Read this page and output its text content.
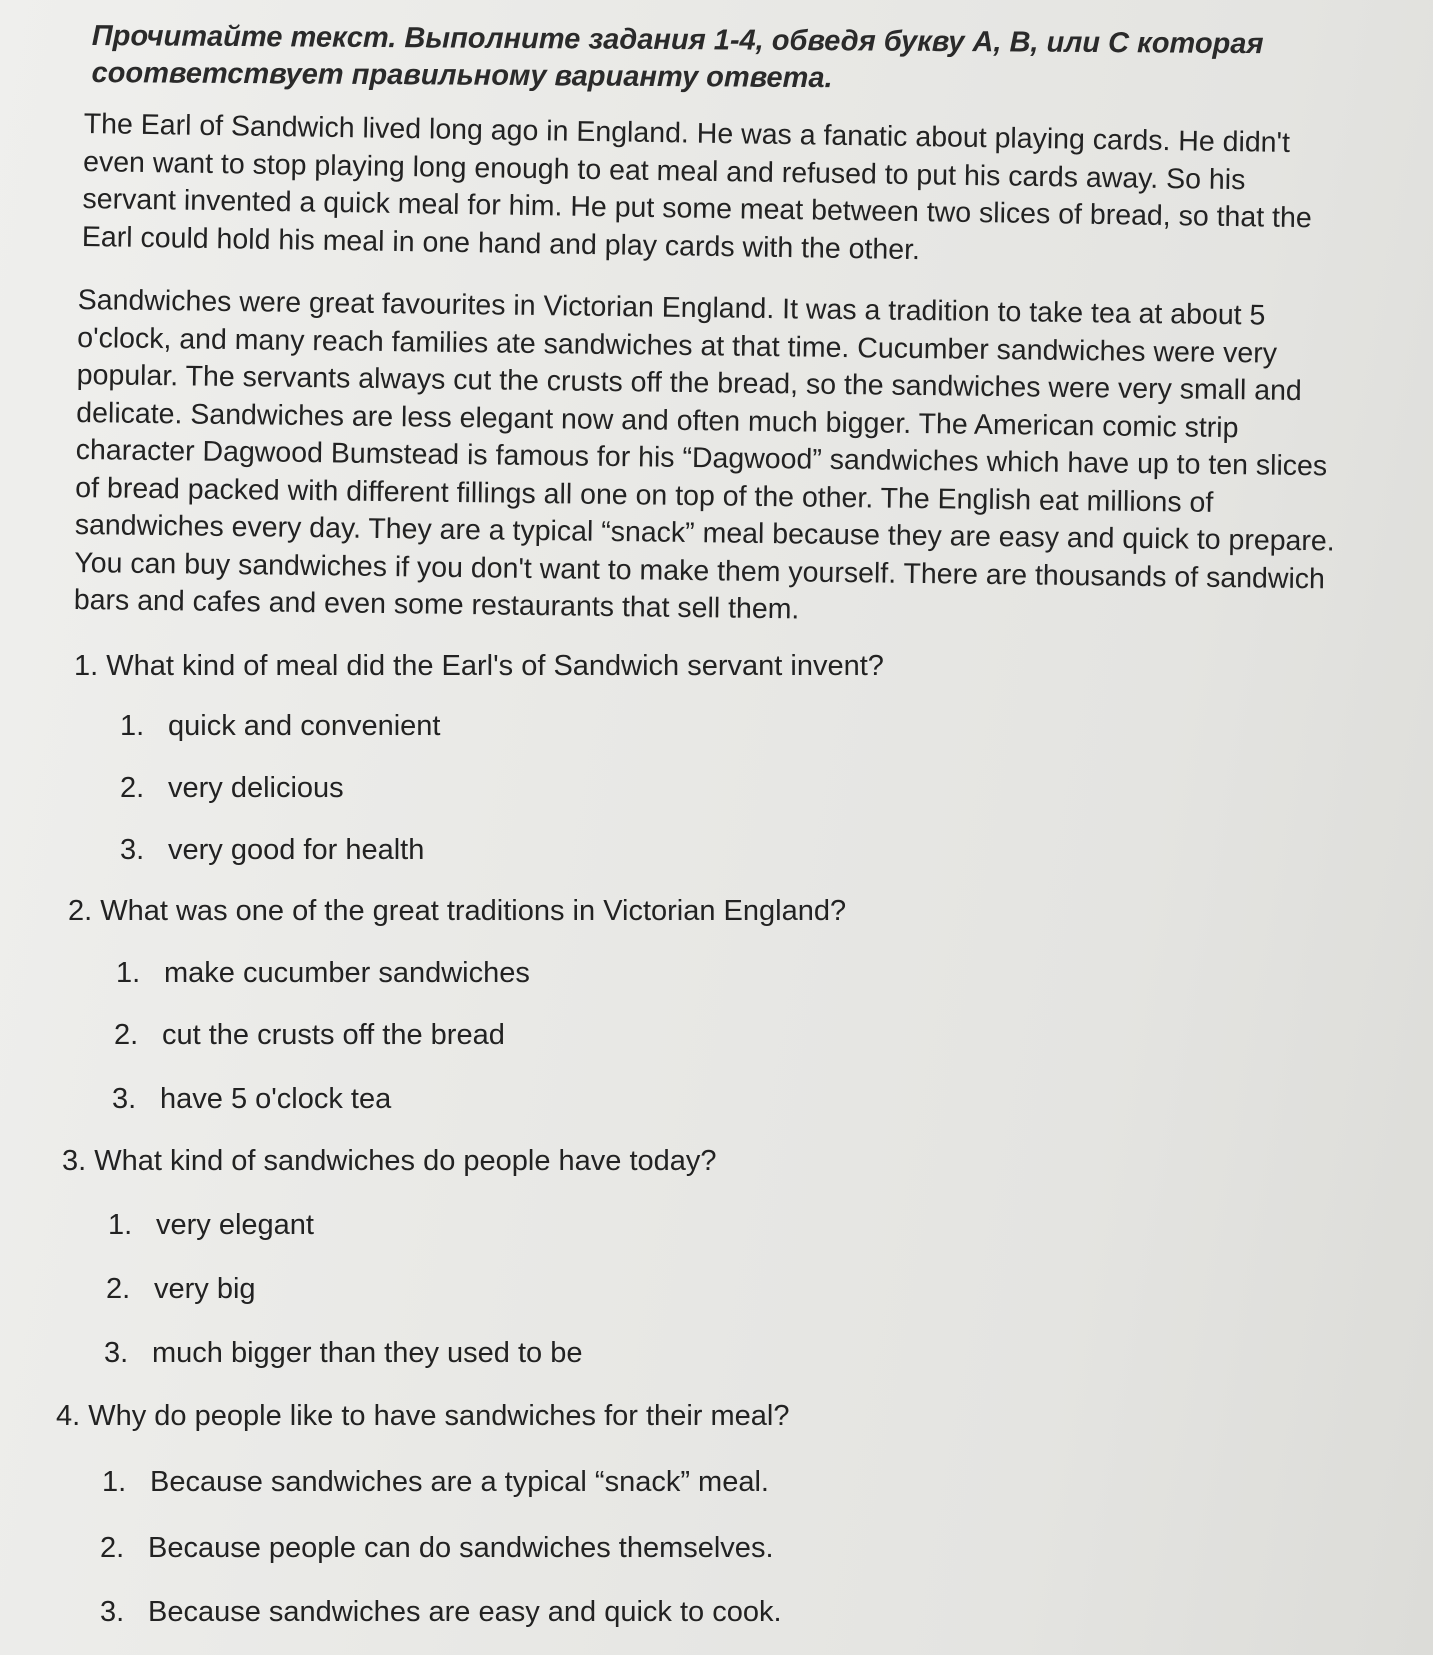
Прочитайте текст. Выполните задания 1-4, обведя букву А, В, или С которая соответствует правильному варианту ответа.

The Earl of Sandwich lived long ago in England. He was a fanatic about playing cards. He didn't even want to stop playing long enough to eat meal and refused to put his cards away. So his servant invented a quick meal for him. He put some meat between two slices of bread, so that the Earl could hold his meal in one hand and play cards with the other.

Sandwiches were great favourites in Victorian England. It was a tradition to take tea at about 5 o'clock, and many reach families ate sandwiches at that time. Cucumber sandwiches were very popular. The servants always cut the crusts off the bread, so the sandwiches were very small and delicate. Sandwiches are less elegant now and often much bigger. The American comic strip character Dagwood Bumstead is famous for his “Dagwood” sandwiches which have up to ten slices of bread packed with different fillings all one on top of the other. The English eat millions of sandwiches every day. They are a typical “snack” meal because they are easy and quick to prepare. You can buy sandwiches if you don't want to make them yourself. There are thousands of sandwich bars and cafes and even some restaurants that sell them.

1. What kind of meal did the Earl's of Sandwich servant invent?

1. quick and convenient

2. very delicious

3. very good for health

2. What was one of the great traditions in Victorian England?

1. make cucumber sandwiches

2. cut the crusts off the bread

3. have 5 o'clock tea

3. What kind of sandwiches do people have today?

1. very elegant

2. very big

3. much bigger than they used to be

4. Why do people like to have sandwiches for their meal?

1. Because sandwiches are a typical “snack” meal.

2. Because people can do sandwiches themselves.

3. Because sandwiches are easy and quick to cook.
